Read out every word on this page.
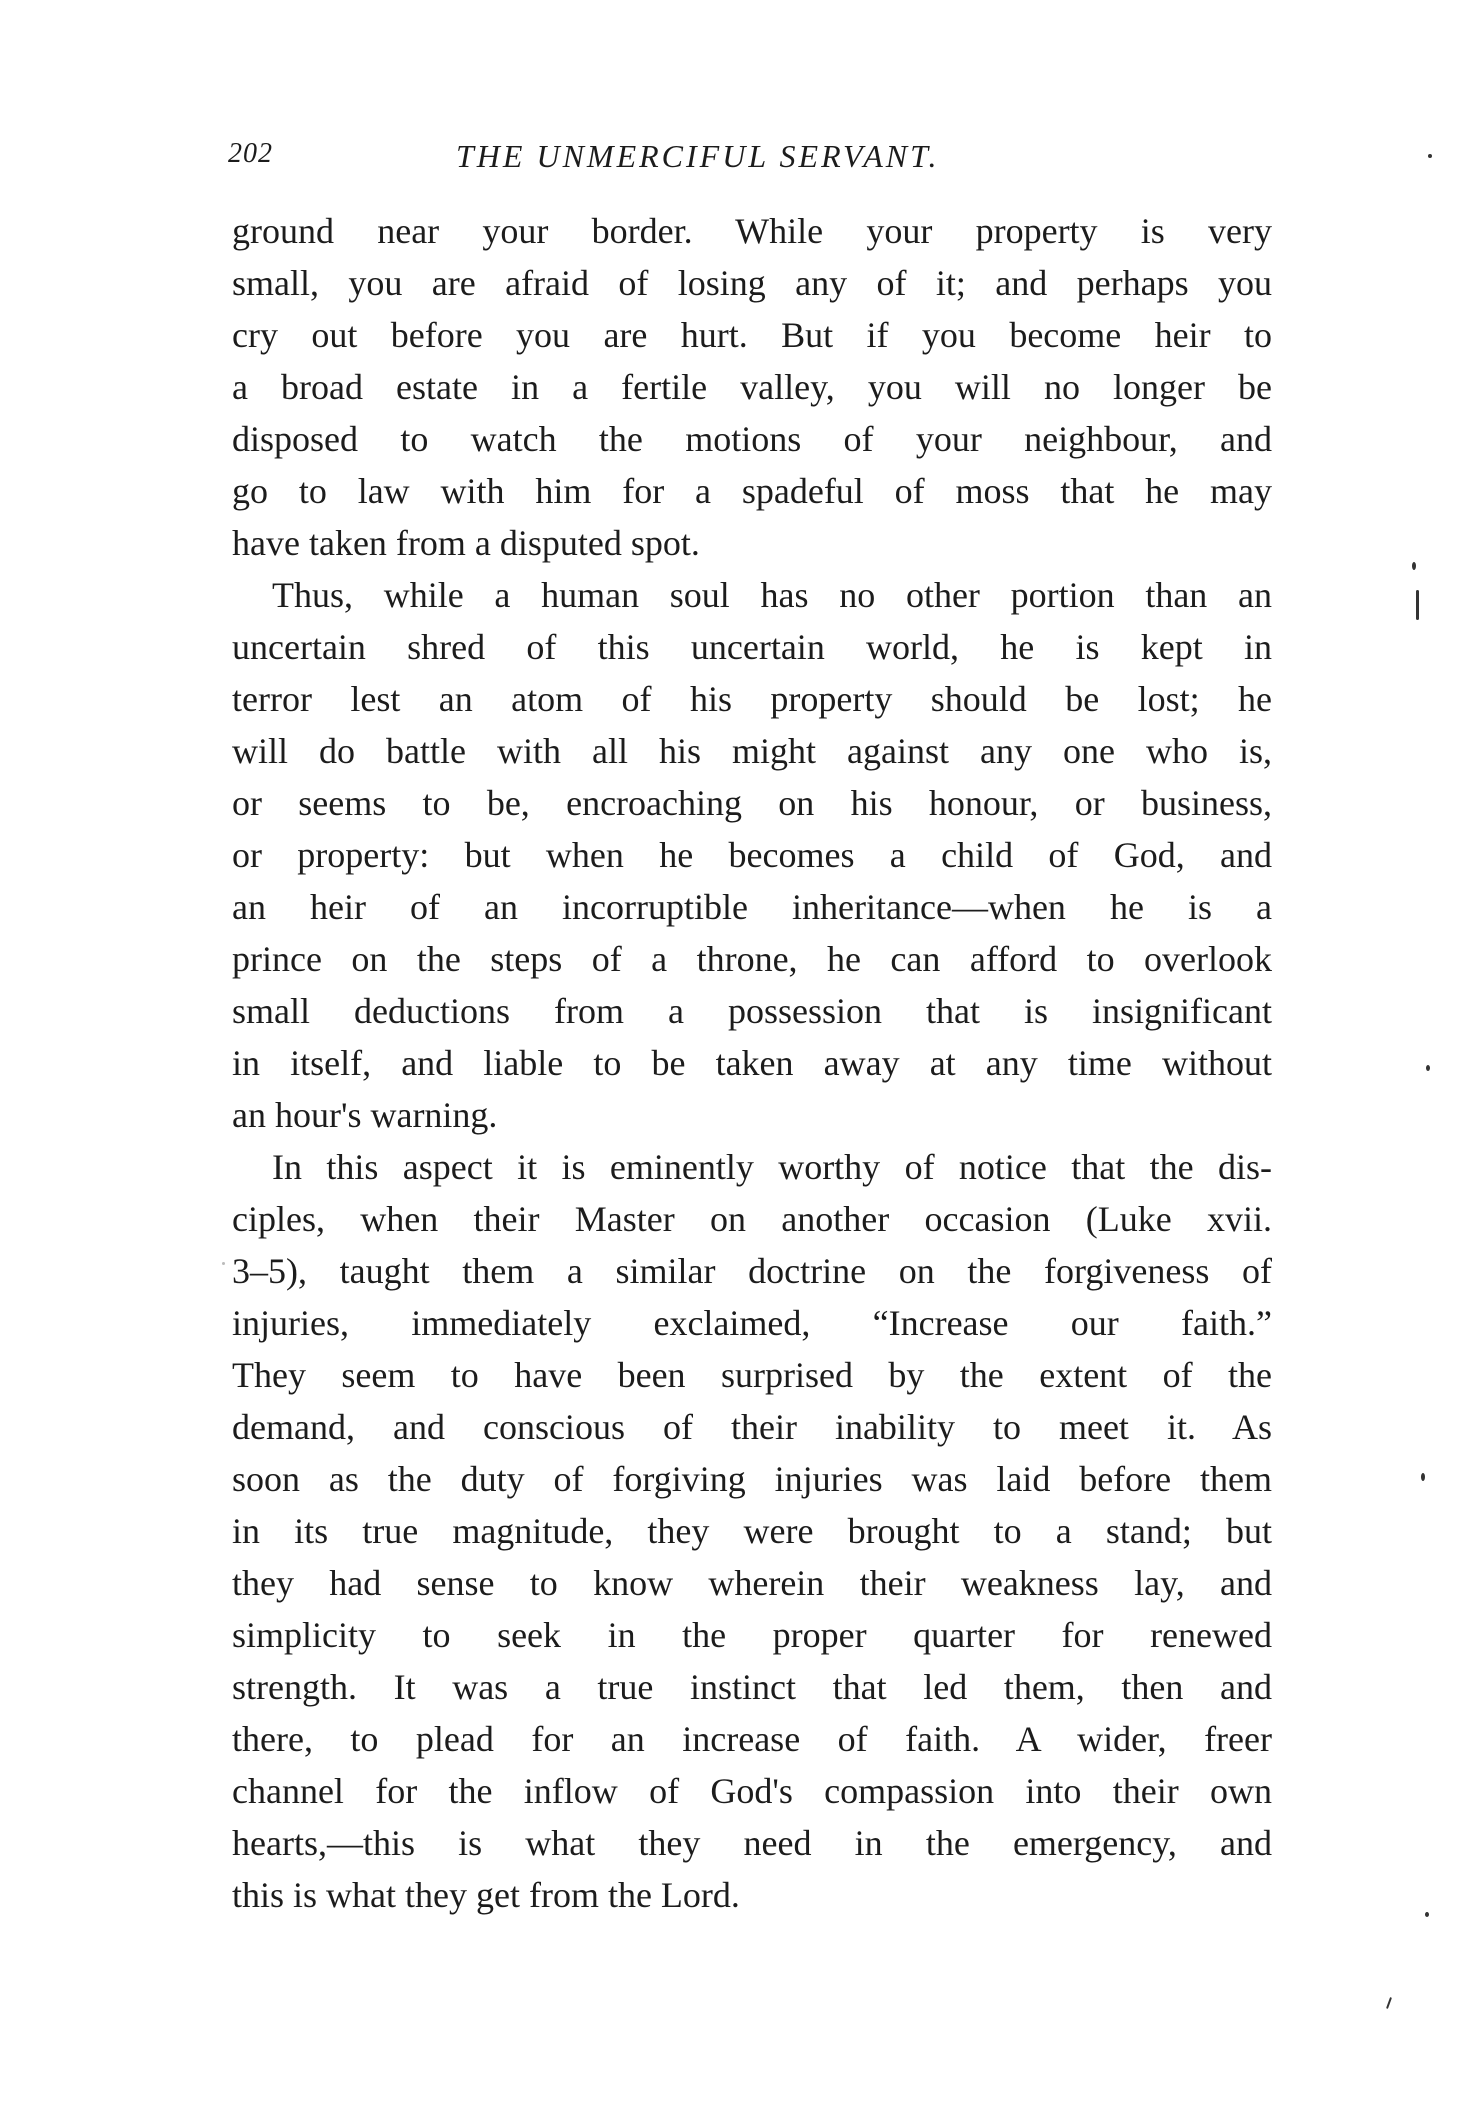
202	THE UNMERCIFUL SERVANT.
ground near your border. While your property is very
small, you are afraid of losing any of it; and perhaps you
cry out before you are hurt. But if you become heir to
a broad estate in a fertile valley, you will no longer be
disposed to watch the motions of your neighbour, and
go to law with him for a spadeful of moss that he may
have taken from a disputed spot.
Thus, while a human soul has no other portion than an
uncertain shred of this uncertain world, he is kept in
terror lest an atom of his property should be lost; he
will do battle with all his might against any one who is,
or seems to be, encroaching on his honour, or business,
or property: but when he becomes a child of God, and
an heir of an incorruptible inheritance—when he is a
prince on the steps of a throne, he can afford to overlook
small deductions from a possession that is insignificant
in itself, and liable to be taken away at any time without
an hour's warning.
In this aspect it is eminently worthy of notice that the dis-
ciples, when their Master on another occasion (Luke xvii.
3–5), taught them a similar doctrine on the forgiveness of
injuries, immediately exclaimed, “Increase our faith.”
They seem to have been surprised by the extent of the
demand, and conscious of their inability to meet it. As
soon as the duty of forgiving injuries was laid before them
in its true magnitude, they were brought to a stand; but
they had sense to know wherein their weakness lay, and
simplicity to seek in the proper quarter for renewed
strength. It was a true instinct that led them, then and
there, to plead for an increase of faith. A wider, freer
channel for the inflow of God's compassion into their own
hearts,—this is what they need in the emergency, and
this is what they get from the Lord.
